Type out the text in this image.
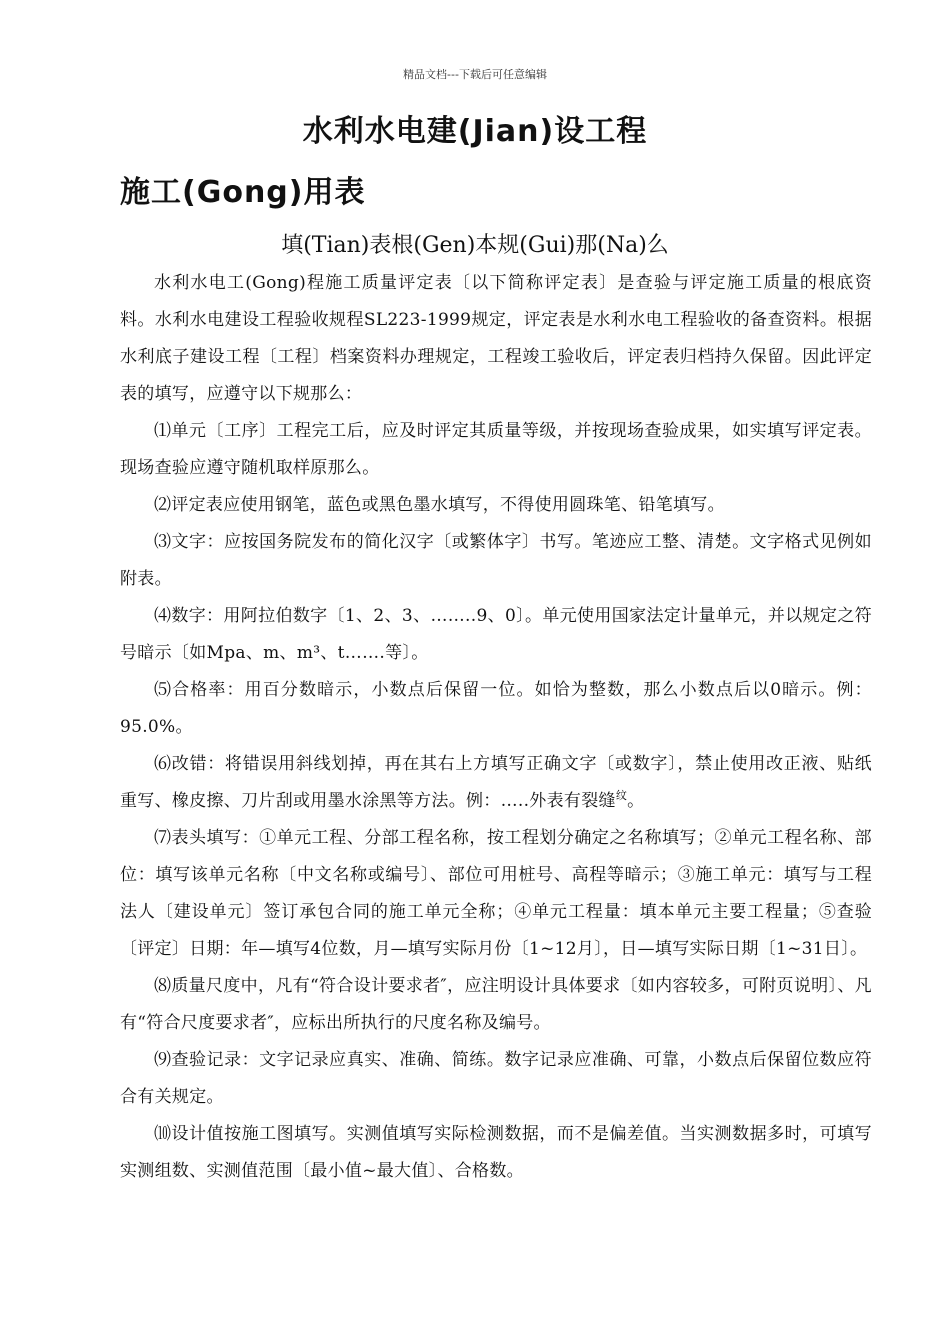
精品文档---下载后可任意编辑
水利水电建(Jian)设工程
施工(Gong)用表
填(Tian)表根(Gen)本规(Gui)那(Na)么

水利水电工(Gong)程施工质量评定表〔以下简称评定表〕是查验与评定施工质量的根底资料。水利水电建设工程验收规程SL223-1999规定，评定表是水利水电工程验收的备查资料。根据 水利底子建设工程〔工程〕档案资料办理规定，工程竣工验收后，评定表归档持久保留。因此评定表的填写，应遵守以下规那么：

⑴单元〔工序〕工程完工后，应及时评定其质量等级，并按现场查验成果，如实填写评定表。现场查验应遵守随机取样原那么。

⑵评定表应使用钢笔，蓝色或黑色墨水填写，不得使用圆珠笔、铅笔填写。

⑶文字：应按国务院发布的简化汉字〔或繁体字〕书写。笔迹应工整、清楚。文字格式见例如附表。

⑷数字：用阿拉伯数字〔1、2、3、……..9、0〕。单元使用国家法定计量单元，并以规定之符号暗示〔如Mpa、m、m³、t…….等〕。

⑸合格率：用百分数暗示，小数点后保留一位。如恰为整数，那么小数点后以0暗示。例：95.0%。

⑹改错：将错误用斜线划掉，再在其右上方填写正确文字〔或数字〕，禁止使用改正液、贴纸重写、橡皮擦、刀片刮或用墨水涂黑等方法。例：…..外表有裂缝$^纹$。

⑺表头填写：①单元工程、分部工程名称，按工程划分确定之名称填写；②单元工程名称、部位：填写该单元名称〔中文名称或编号〕、部位可用桩号、高程等暗示；③施工单元：填写与工程法人〔建设单元〕签订承包合同的施工单元全称；④单元工程量：填本单元主要工程量；⑤查验〔评定〕日期：年—填写4位数，月—填写实际月份〔1~12月〕，日—填写实际日期〔1~31日〕。

⑻质量尺度中，凡有“符合设计要求者″，应注明设计具体要求〔如内容较多，可附页说明〕、凡有“符合尺度要求者″，应标出所执行的尺度名称及编号。

⑼查验记录：文字记录应真实、准确、简练。数字记录应准确、可靠，小数点后保留位数应符合有关规定。

⑽设计值按施工图填写。实测值填写实际检测数据，而不是偏差值。当实测数据多时，可填写实测组数、实测值范围〔最小值~最大值〕、合格数。
